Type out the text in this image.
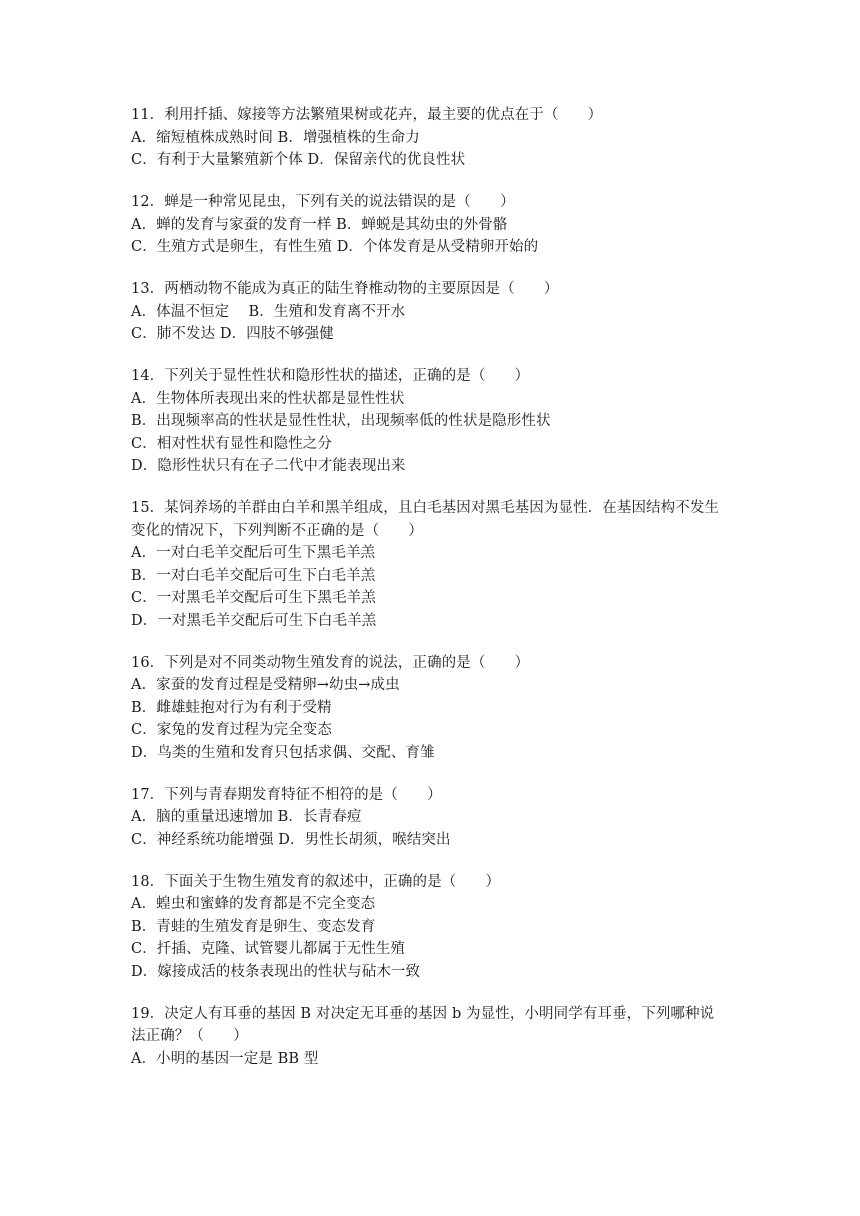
11．利用扦插、嫁接等方法繁殖果树或花卉，最主要的优点在于（　　）
A．缩短植株成熟时间 B．增强植株的生命力
C．有利于大量繁殖新个体 D．保留亲代的优良性状
12．蝉是一种常见昆虫，下列有关的说法错误的是（　　）
A．蝉的发育与家蚕的发育一样 B．蝉蜕是其幼虫的外骨骼
C．生殖方式是卵生，有性生殖 D．个体发育是从受精卵开始的
13．两栖动物不能成为真正的陆生脊椎动物的主要原因是（　　）
A．体温不恒定　 B．生殖和发育离不开水
C．肺不发达 D．四肢不够强健
14．下列关于显性性状和隐形性状的描述，正确的是（　　）
A．生物体所表现出来的性状都是显性性状
B．出现频率高的性状是显性性状，出现频率低的性状是隐形性状
C．相对性状有显性和隐性之分
D．隐形性状只有在子二代中才能表现出来
15．某饲养场的羊群由白羊和黑羊组成，且白毛基因对黑毛基因为显性．在基因结构不发生
变化的情况下，下列判断不正确的是（　　）
A．一对白毛羊交配后可生下黑毛羊羔
B．一对白毛羊交配后可生下白毛羊羔
C．一对黑毛羊交配后可生下黑毛羊羔
D．一对黑毛羊交配后可生下白毛羊羔
16．下列是对不同类动物生殖发育的说法，正确的是（　　）
A．家蚕的发育过程是受精卵→幼虫→成虫
B．雌雄蛙抱对行为有利于受精
C．家兔的发育过程为完全变态
D．鸟类的生殖和发育只包括求偶、交配、育雏
17．下列与青春期发育特征不相符的是（　　）
A．脑的重量迅速增加 B．长青春痘
C．神经系统功能增强 D．男性长胡须，喉结突出
18．下面关于生物生殖发育的叙述中，正确的是（　　）
A．蝗虫和蜜蜂的发育都是不完全变态
B．青蛙的生殖发育是卵生、变态发育
C．扦插、克隆、试管婴儿都属于无性生殖
D．嫁接成活的枝条表现出的性状与砧木一致
19．决定人有耳垂的基因 B 对决定无耳垂的基因 b 为显性，小明同学有耳垂，下列哪种说
法正确？（　　）
A．小明的基因一定是 BB 型
